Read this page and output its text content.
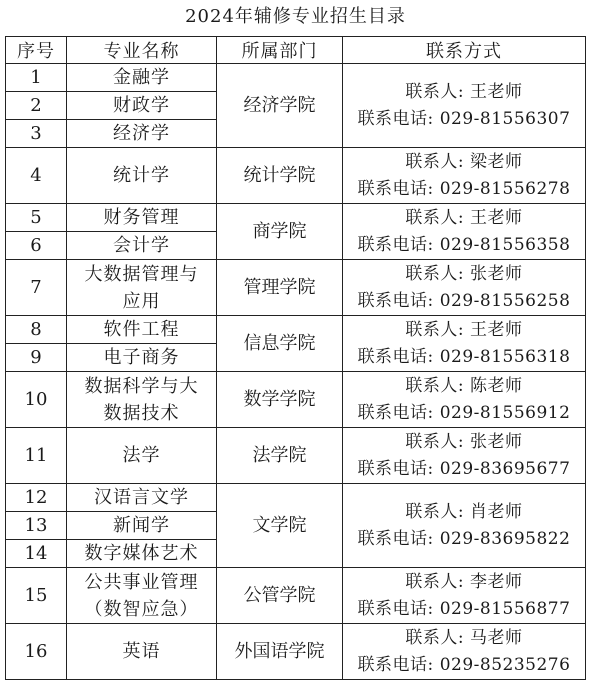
2024年辅修专业招生目录
序号	专业名称	所属部门	联系方式
1	金融学	经济学院	联系人: 王老师
联系电话: 029-81556307

2	财政学		
3	经济学		
4	统计学	统计学院	联系人: 梁老师
联系电话: 029-81556278

5	财务管理	商学院	联系人: 王老师
联系电话: 029-81556358

6	会计学		
7	大数据管理与
应用	管理学院	联系人: 张老师
联系电话: 029-81556258

8	软件工程	信息学院	联系人: 王老师
联系电话: 029-81556318

9	电子商务		
10	数据科学与大
数据技术	数学学院	联系人: 陈老师
联系电话: 029-81556912

11	法学	法学院	联系人: 张老师
联系电话: 029-83695677

12	汉语言文学	文学院	联系人: 肖老师
联系电话: 029-83695822

13	新闻学		
14	数字媒体艺术		
15	公共事业管理
（数智应急）	公管学院	联系人: 李老师
联系电话: 029-81556877

16	英语	外国语学院	联系人: 马老师
联系电话: 029-85235276
